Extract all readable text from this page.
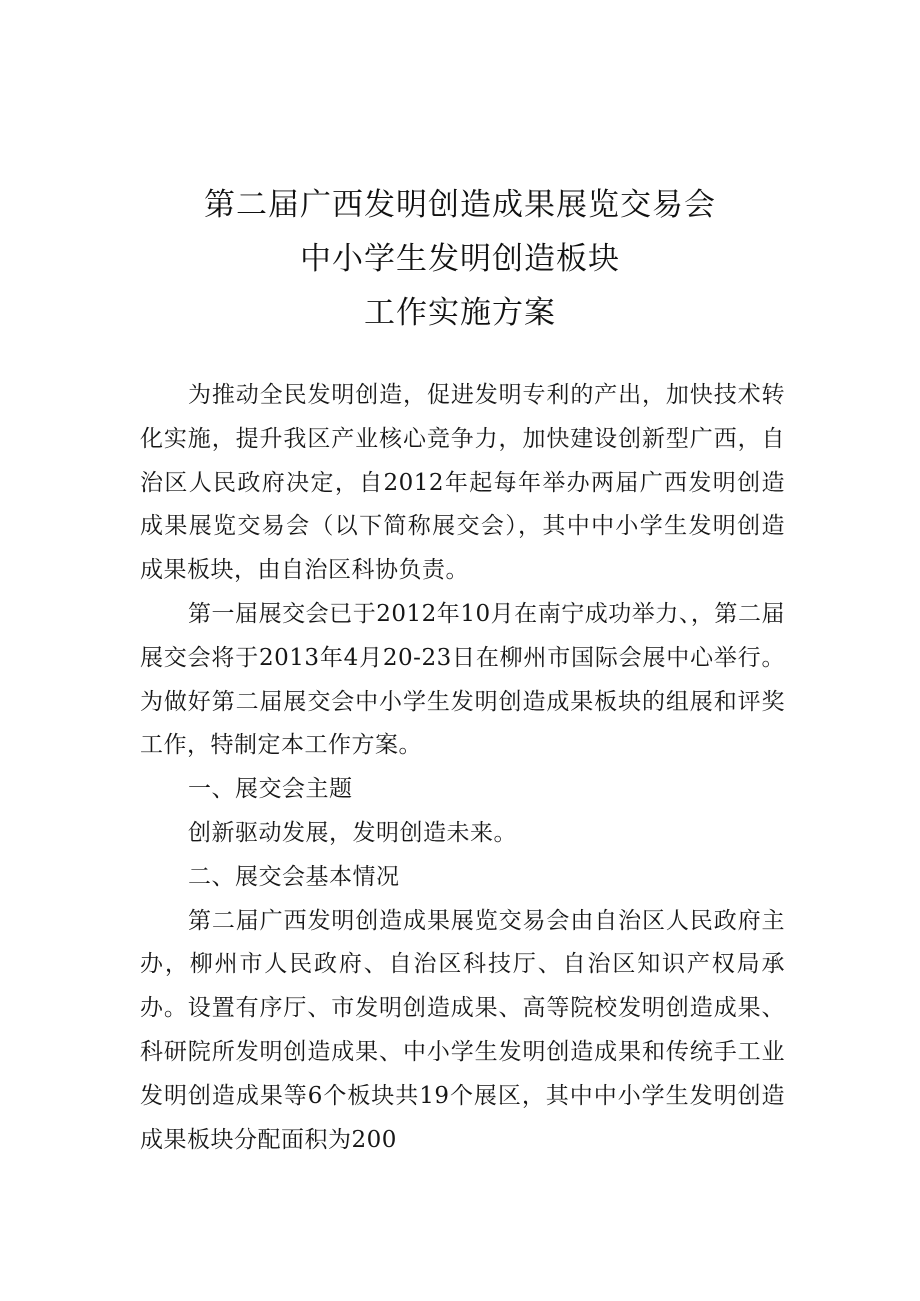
第二届广西发明创造成果展览交易会
中小学生发明创造板块
工作实施方案

为推动全民发明创造，促进发明专利的产出，加快技术转化实施，提升我区产业核心竞争力，加快建设创新型广西，自治区人民政府决定，自2012年起每年举办两届广西发明创造成果展览交易会（以下简称展交会），其中中小学生发明创造成果板块，由自治区科协负责。

第一届展交会已于2012年10月在南宁成功举力、，第二届展交会将于2013年4月20-23日在柳州市国际会展中心举行。为做好第二届展交会中小学生发明创造成果板块的组展和评奖工作，特制定本工作方案。

一、展交会主题

创新驱动发展，发明创造未来。

二、展交会基本情况

第二届广西发明创造成果展览交易会由自治区人民政府主办，柳州市人民政府、自治区科技厅、自治区知识产权局承办。设置有序厅、市发明创造成果、高等院校发明创造成果、科研院所发明创造成果、中小学生发明创造成果和传统手工业发明创造成果等6个板块共19个展区，其中中小学生发明创造成果板块分配面积为200
